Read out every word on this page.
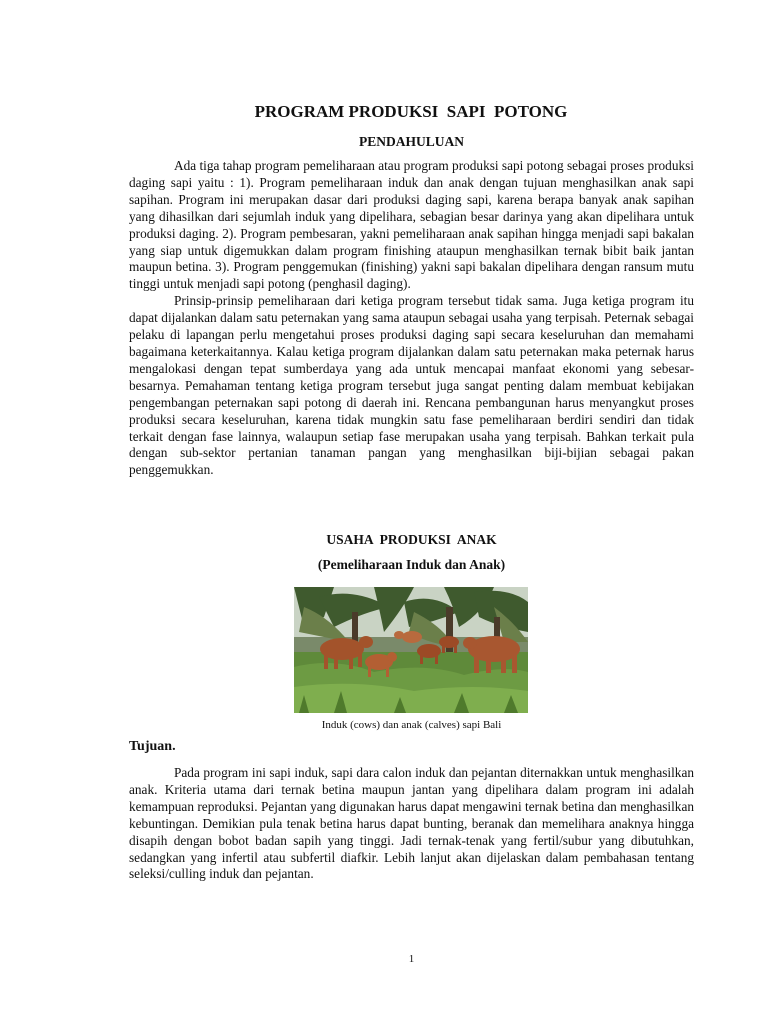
PROGRAM PRODUKSI  SAPI  POTONG
PENDAHULUAN

Ada tiga tahap program pemeliharaan atau program produksi sapi potong sebagai proses produksi daging sapi yaitu : 1). Program pemeliharaan induk dan anak dengan tujuan menghasilkan anak sapi sapihan. Program ini merupakan dasar dari produksi daging sapi, karena berapa banyak anak sapihan yang dihasilkan dari sejumlah induk yang dipelihara, sebagian besar darinya yang akan dipelihara untuk produksi daging. 2). Program pembesaran, yakni pemeliharaan anak sapihan hingga menjadi sapi bakalan yang siap untuk digemukkan dalam program finishing ataupun menghasilkan ternak bibit baik jantan maupun betina. 3). Program penggemukan (finishing) yakni sapi bakalan dipelihara dengan ransum mutu tinggi untuk menjadi sapi potong (penghasil daging).

Prinsip-prinsip pemeliharaan dari ketiga program tersebut tidak sama. Juga ketiga program itu dapat dijalankan dalam satu peternakan yang sama ataupun sebagai usaha yang terpisah. Peternak sebagai pelaku di lapangan perlu mengetahui proses produksi daging sapi secara keseluruhan dan memahami bagaimana keterkaitannya. Kalau ketiga program dijalankan dalam satu peternakan maka peternak harus mengalokasi dengan tepat sumberdaya yang ada untuk mencapai manfaat ekonomi yang sebesar-besarnya. Pemahaman tentang ketiga program tersebut juga sangat penting dalam membuat kebijakan pengembangan peternakan sapi potong di daerah ini. Rencana pembangunan harus menyangkut proses produksi secara keseluruhan, karena tidak mungkin satu fase pemeliharaan berdiri sendiri dan tidak terkait dengan fase lainnya, walaupun setiap fase merupakan usaha yang terpisah. Bahkan terkait pula dengan sub-sektor pertanian tanaman pangan yang menghasilkan biji-bijian sebagai pakan penggemukkan.

USAHA  PRODUKSI  ANAK
(Pemeliharaan Induk dan Anak)
Induk (cows) dan anak (calves) sapi Bali
Tujuan.

Pada program ini sapi induk, sapi dara calon induk dan pejantan diternakkan untuk menghasilkan anak. Kriteria utama dari ternak betina maupun jantan yang dipelihara dalam program ini adalah kemampuan reproduksi. Pejantan yang digunakan harus dapat mengawini ternak betina dan menghasilkan kebuntingan. Demikian pula tenak betina harus dapat bunting, beranak dan memelihara anaknya hingga disapih dengan bobot badan sapih yang tinggi. Jadi ternak-tenak yang fertil/subur yang dibutuhkan, sedangkan yang infertil atau subfertil diafkir. Lebih lanjut akan dijelaskan dalam pembahasan tentang seleksi/culling induk dan pejantan.

1
